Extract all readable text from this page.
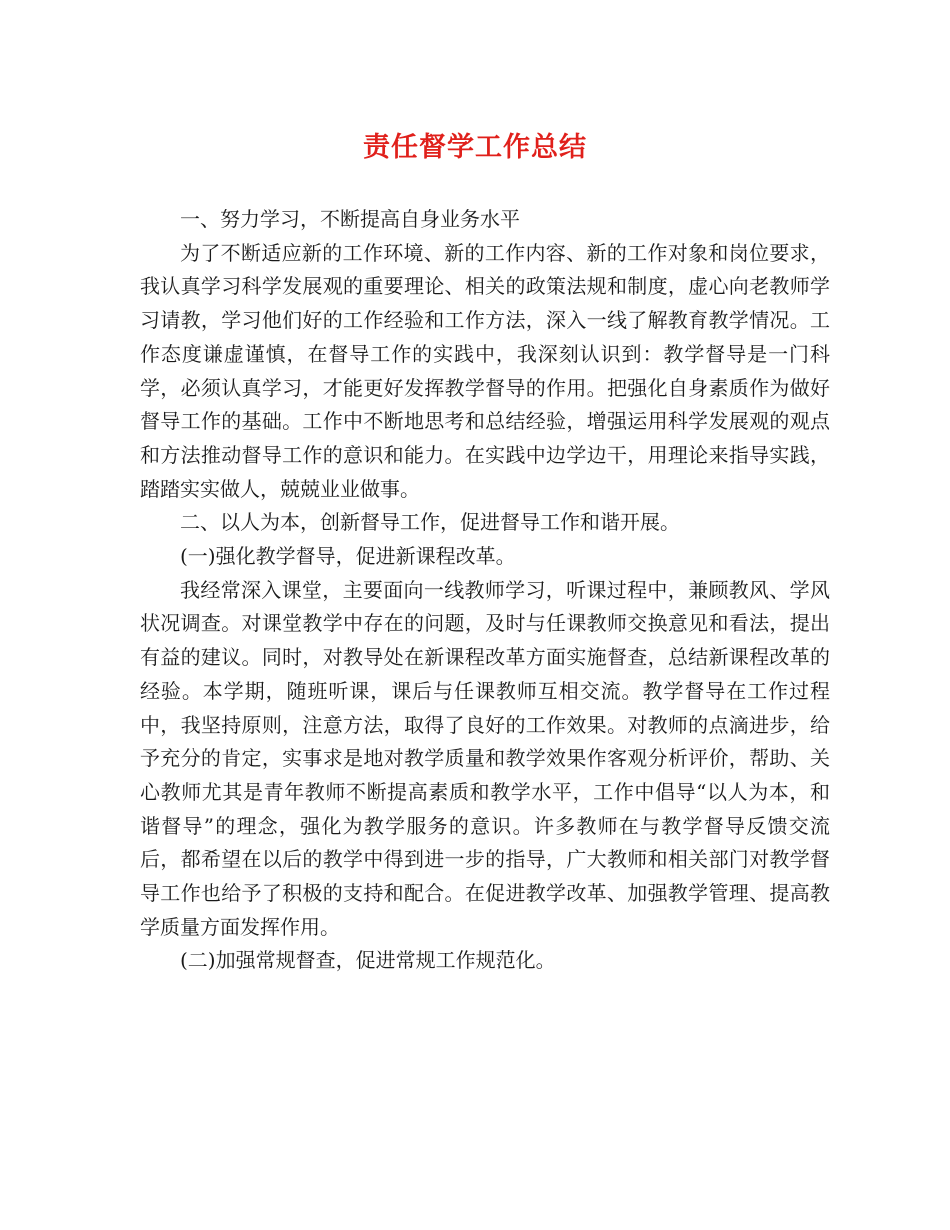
责任督学工作总结

一、努力学习，不断提高自身业务水平

为了不断适应新的工作环境、新的工作内容、新的工作对象和岗位要求，我认真学习科学发展观的重要理论、相关的政策法规和制度，虚心向老教师学习请教，学习他们好的工作经验和工作方法，深入一线了解教育教学情况。工作态度谦虚谨慎，在督导工作的实践中，我深刻认识到：教学督导是一门科学，必须认真学习，才能更好发挥教学督导的作用。把强化自身素质作为做好督导工作的基础。工作中不断地思考和总结经验，增强运用科学发展观的观点和方法推动督导工作的意识和能力。在实践中边学边干，用理论来指导实践，踏踏实实做人，兢兢业业做事。

二、以人为本，创新督导工作，促进督导工作和谐开展。

(一)强化教学督导，促进新课程改革。

我经常深入课堂，主要面向一线教师学习，听课过程中，兼顾教风、学风状况调查。对课堂教学中存在的问题，及时与任课教师交换意见和看法，提出有益的建议。同时，对教导处在新课程改革方面实施督查，总结新课程改革的经验。本学期，随班听课，课后与任课教师互相交流。教学督导在工作过程中，我坚持原则，注意方法，取得了良好的工作效果。对教师的点滴进步，给予充分的肯定，实事求是地对教学质量和教学效果作客观分析评价，帮助、关心教师尤其是青年教师不断提高素质和教学水平，工作中倡导“以人为本，和谐督导”的理念，强化为教学服务的意识。许多教师在与教学督导反馈交流后，都希望在以后的教学中得到进一步的指导，广大教师和相关部门对教学督导工作也给予了积极的支持和配合。在促进教学改革、加强教学管理、提高教学质量方面发挥作用。

(二)加强常规督查，促进常规工作规范化。
